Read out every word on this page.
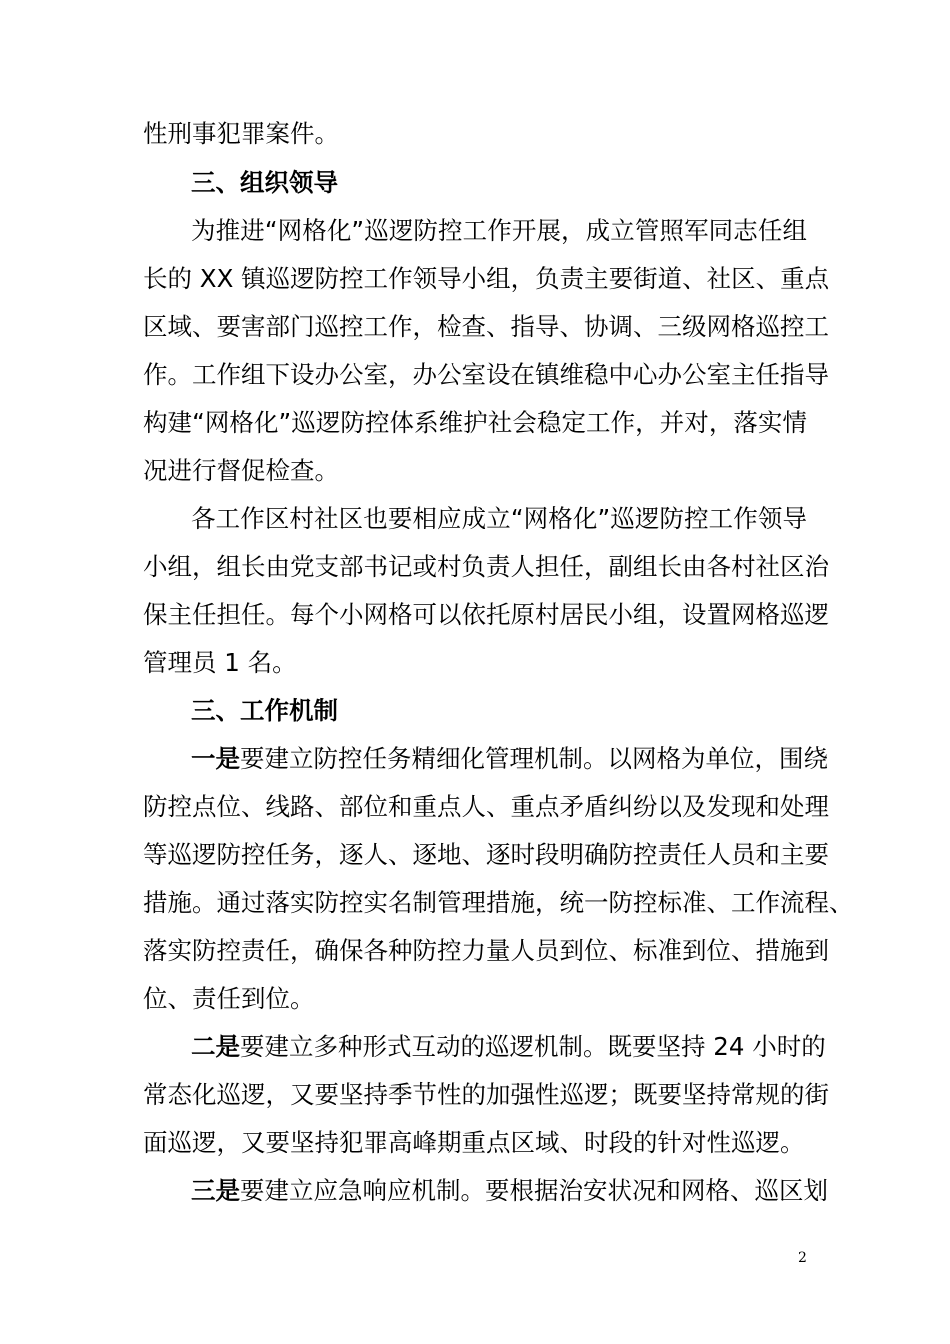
性刑事犯罪案件。
三、组织领导
为推进“网格化”巡逻防控工作开展，成立管照军同志任组
长的 XX 镇巡逻防控工作领导小组，负责主要街道、社区、重点
区域、要害部门巡控工作，检查、指导、协调、三级网格巡控工
作。工作组下设办公室，办公室设在镇维稳中心办公室主任指导
构建“网格化”巡逻防控体系维护社会稳定工作，并对，落实情
况进行督促检查。
各工作区村社区也要相应成立“网格化”巡逻防控工作领导
小组，组长由党支部书记或村负责人担任，副组长由各村社区治
保主任担任。每个小网格可以依托原村居民小组，设置网格巡逻
管理员 1 名。
三、工作机制
一是要建立防控任务精细化管理机制。以网格为单位，围绕
防控点位、线路、部位和重点人、重点矛盾纠纷以及发现和处理
等巡逻防控任务，逐人、逐地、逐时段明确防控责任人员和主要
措施。通过落实防控实名制管理措施，统一防控标准、工作流程、
落实防控责任，确保各种防控力量人员到位、标准到位、措施到
位、责任到位。
二是要建立多种形式互动的巡逻机制。既要坚持 24 小时的
常态化巡逻，又要坚持季节性的加强性巡逻；既要坚持常规的街
面巡逻，又要坚持犯罪高峰期重点区域、时段的针对性巡逻。
三是要建立应急响应机制。要根据治安状况和网格、巡区划
2
